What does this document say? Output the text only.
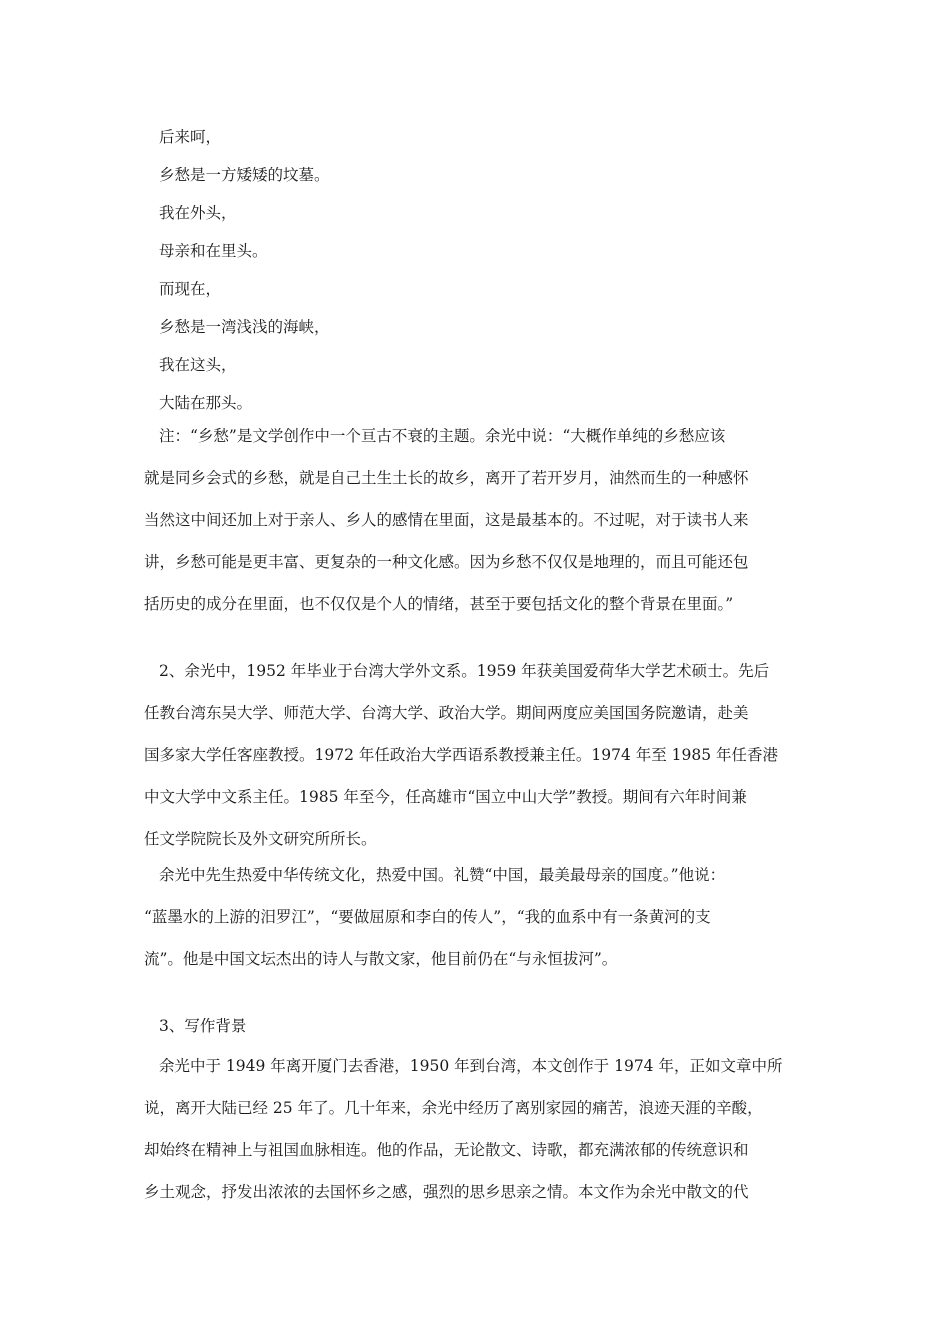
后来呵，
乡愁是一方矮矮的坟墓。
我在外头，
母亲和在里头。
而现在，
乡愁是一湾浅浅的海峡，
我在这头，
大陆在那头。
注：“乡愁”是文学创作中一个亘古不衰的主题。余光中说：“大概作单纯的乡愁应该
就是同乡会式的乡愁，就是自己土生土长的故乡，离开了若开岁月，油然而生的一种感怀
当然这中间还加上对于亲人、乡人的感情在里面，这是最基本的。不过呢，对于读书人来
讲，乡愁可能是更丰富、更复杂的一种文化感。因为乡愁不仅仅是地理的，而且可能还包
括历史的成分在里面，也不仅仅是个人的情绪，甚至于要包括文化的整个背景在里面。”
2、余光中，1952 年毕业于台湾大学外文系。1959 年获美国爱荷华大学艺术硕士。先后
任教台湾东吴大学、师范大学、台湾大学、政治大学。期间两度应美国国务院邀请，赴美
国多家大学任客座教授。1972 年任政治大学西语系教授兼主任。1974 年至 1985 年任香港
中文大学中文系主任。1985 年至今，任高雄市“国立中山大学”教授。期间有六年时间兼
任文学院院长及外文研究所所长。
余光中先生热爱中华传统文化，热爱中国。礼赞“中国，最美最母亲的国度。”他说：
“蓝墨水的上游的汨罗江”，“要做屈原和李白的传人”，“我的血系中有一条黄河的支
流”。他是中国文坛杰出的诗人与散文家，他目前仍在“与永恒拔河”。
3、写作背景
余光中于 1949 年离开厦门去香港，1950 年到台湾，本文创作于 1974 年，正如文章中所
说，离开大陆已经 25 年了。几十年来，余光中经历了离别家园的痛苦，浪迹天涯的辛酸，
却始终在精神上与祖国血脉相连。他的作品，无论散文、诗歌，都充满浓郁的传统意识和
乡土观念，抒发出浓浓的去国怀乡之感，强烈的思乡思亲之情。本文作为余光中散文的代
